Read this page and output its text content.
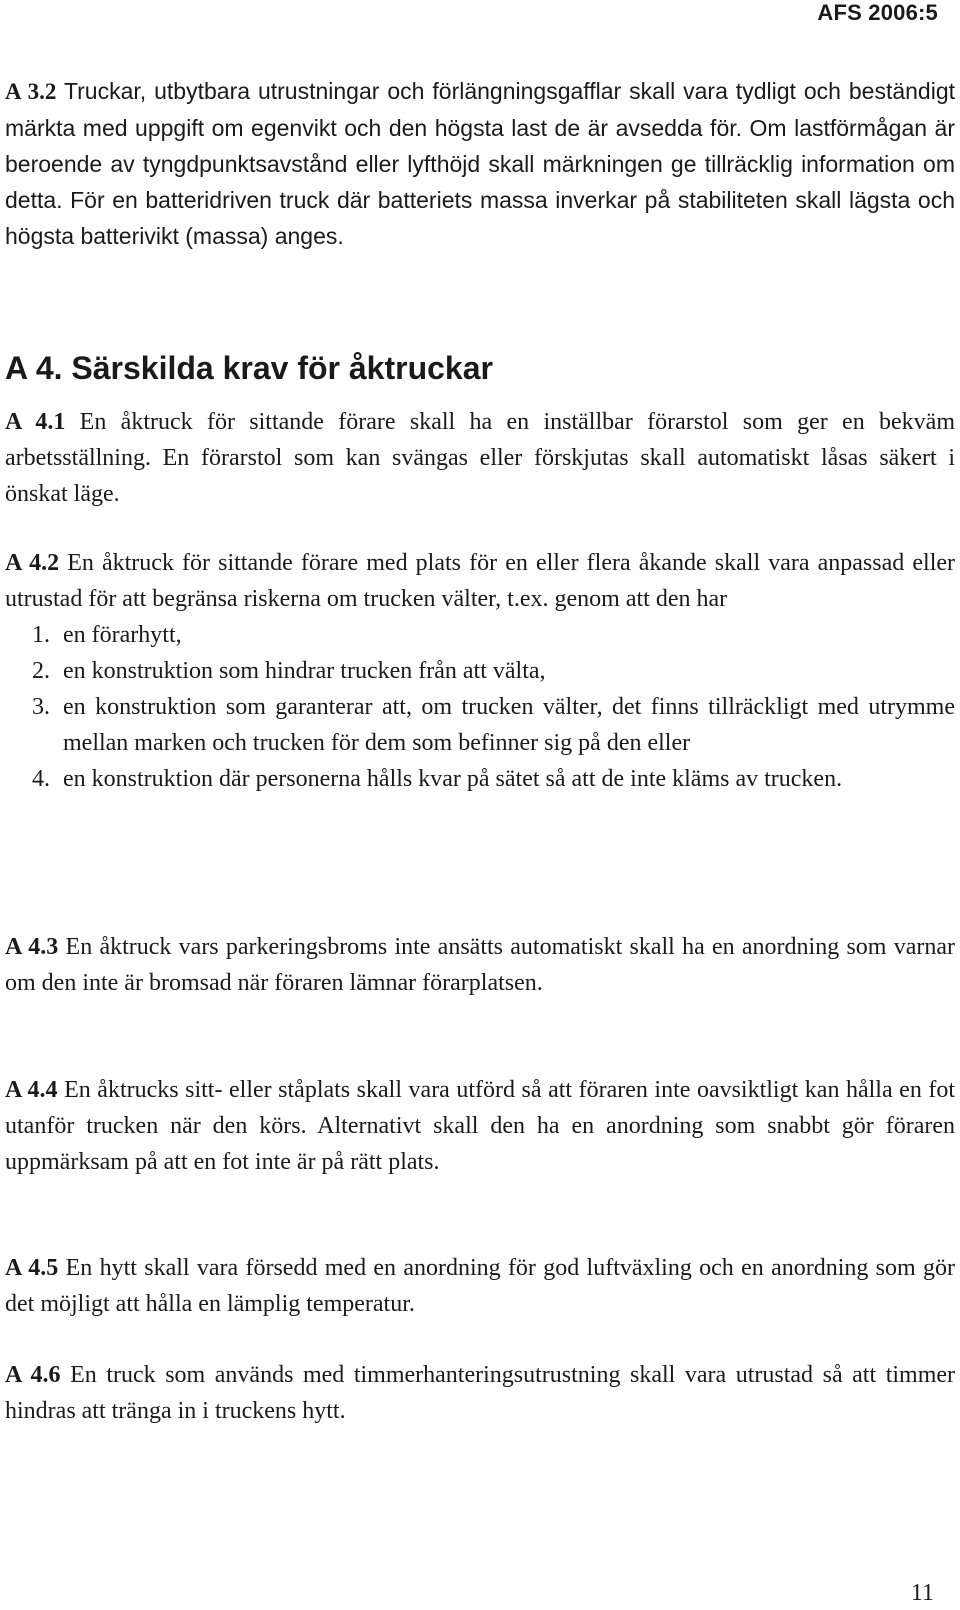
AFS 2006:5
A 3.2 Truckar, utbytbara utrustningar och förlängningsgafflar skall vara tydligt och beständigt märkta med uppgift om egenvikt och den högsta last de är avsedda för. Om lastförmågan är beroende av tyngdpunktsavstånd eller lyfthöjd skall märkningen ge tillräcklig information om detta. För en batteridriven truck där batteriets massa inverkar på stabiliteten skall lägsta och högsta batterivikt (massa) anges.
A 4. Särskilda krav för åktruckar
A 4.1 En åktruck för sittande förare skall ha en inställbar förarstol som ger en bekväm arbetsställning. En förarstol som kan svängas eller förskjutas skall automatiskt låsas säkert i önskat läge.
A 4.2 En åktruck för sittande förare med plats för en eller flera åkande skall vara anpassad eller utrustad för att begränsa riskerna om trucken välter, t.ex. genom att den har
1. en förarhytt,
2. en konstruktion som hindrar trucken från att välta,
3. en konstruktion som garanterar att, om trucken välter, det finns tillräckligt med utrymme mellan marken och trucken för dem som befinner sig på den eller
4. en konstruktion där personerna hålls kvar på sätet så att de inte kläms av trucken.
A 4.3 En åktruck vars parkeringsbroms inte ansätts automatiskt skall ha en anordning som varnar om den inte är bromsad när föraren lämnar förarplatsen.
A 4.4 En åktrucks sitt- eller ståplats skall vara utförd så att föraren inte oavsiktligt kan hålla en fot utanför trucken när den körs. Alternativt skall den ha en anordning som snabbt gör föraren uppmärksam på att en fot inte är på rätt plats.
A 4.5 En hytt skall vara försedd med en anordning för god luftväxling och en anordning som gör det möjligt att hålla en lämplig temperatur.
A 4.6 En truck som används med timmerhanteringsutrustning skall vara utrustad så att timmer hindras att tränga in i truckens hytt.
11
